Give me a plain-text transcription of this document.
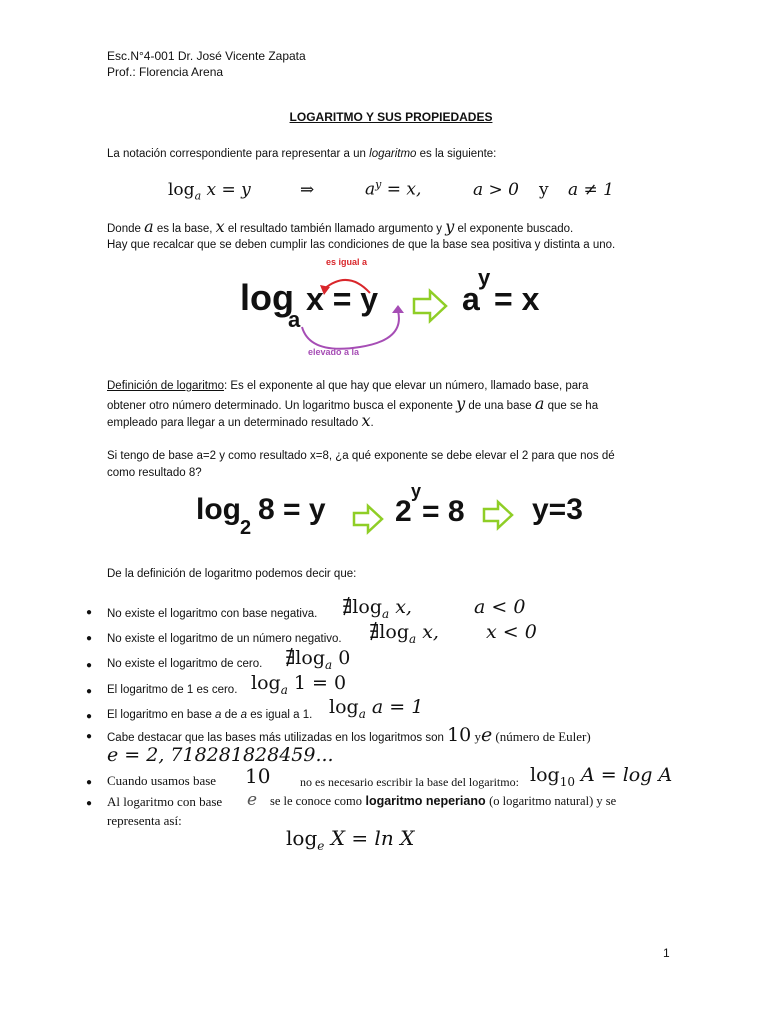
Esc.N°4-001 Dr. José Vicente Zapata
Prof.: Florencia Arena
LOGARITMO Y SUS PROPIEDADES
La notación correspondiente para representar a un logaritmo es la siguiente:
$\log_a x = y$	⇒	$a^y = x$,	a > 0 y a ≠ 1
Donde a es la base, x el resultado también llamado argumento y y el exponente buscado.
Hay que recalcar que se deben cumplir las condiciones de que la base sea positiva y distinta a uno.
es igual a
log
a
x = y	a
y
= x
elevado a la
Definición de logaritmo: Es el exponente al que hay que elevar un número, llamado base, para
obtener otro número determinado. Un logaritmo busca el exponente y de una base a que se ha
empleado para llegar a un determinado resultado x.
Si tengo de base a=2 y como resultado x=8, ¿a qué exponente se debe elevar el 2 para que nos dé
como resultado 8?
log
2
8 = y 2
y
= 8 y=3
De la definición de logaritmo podemos decir que:
● No existe el logaritmo con base negativa. $∄\log_a$ x,	a < 0
● No existe el logaritmo de un número negativo. $∄\log_a$ x, x < 0
● No existe el logaritmo de cero. $∄\log_a$ 0
● El logaritmo de 1 es cero. $\log_a 1 = 0$
● El logaritmo en base a de a es igual a 1. $\log_a a = 1$
● Cabe destacar que las bases más utilizadas en los logaritmos son 10 ye (número de Euler)
e = 2, 718281828459...
● Cuando usamos base 10 no es necesario escribir la base del logaritmo: $\log_{10} A = \log A$
● Al logaritmo con base e se le conoce como logaritmo neperiano (o logaritmo natural) y se
representa así:
$\log_e X = \ln X$
1
